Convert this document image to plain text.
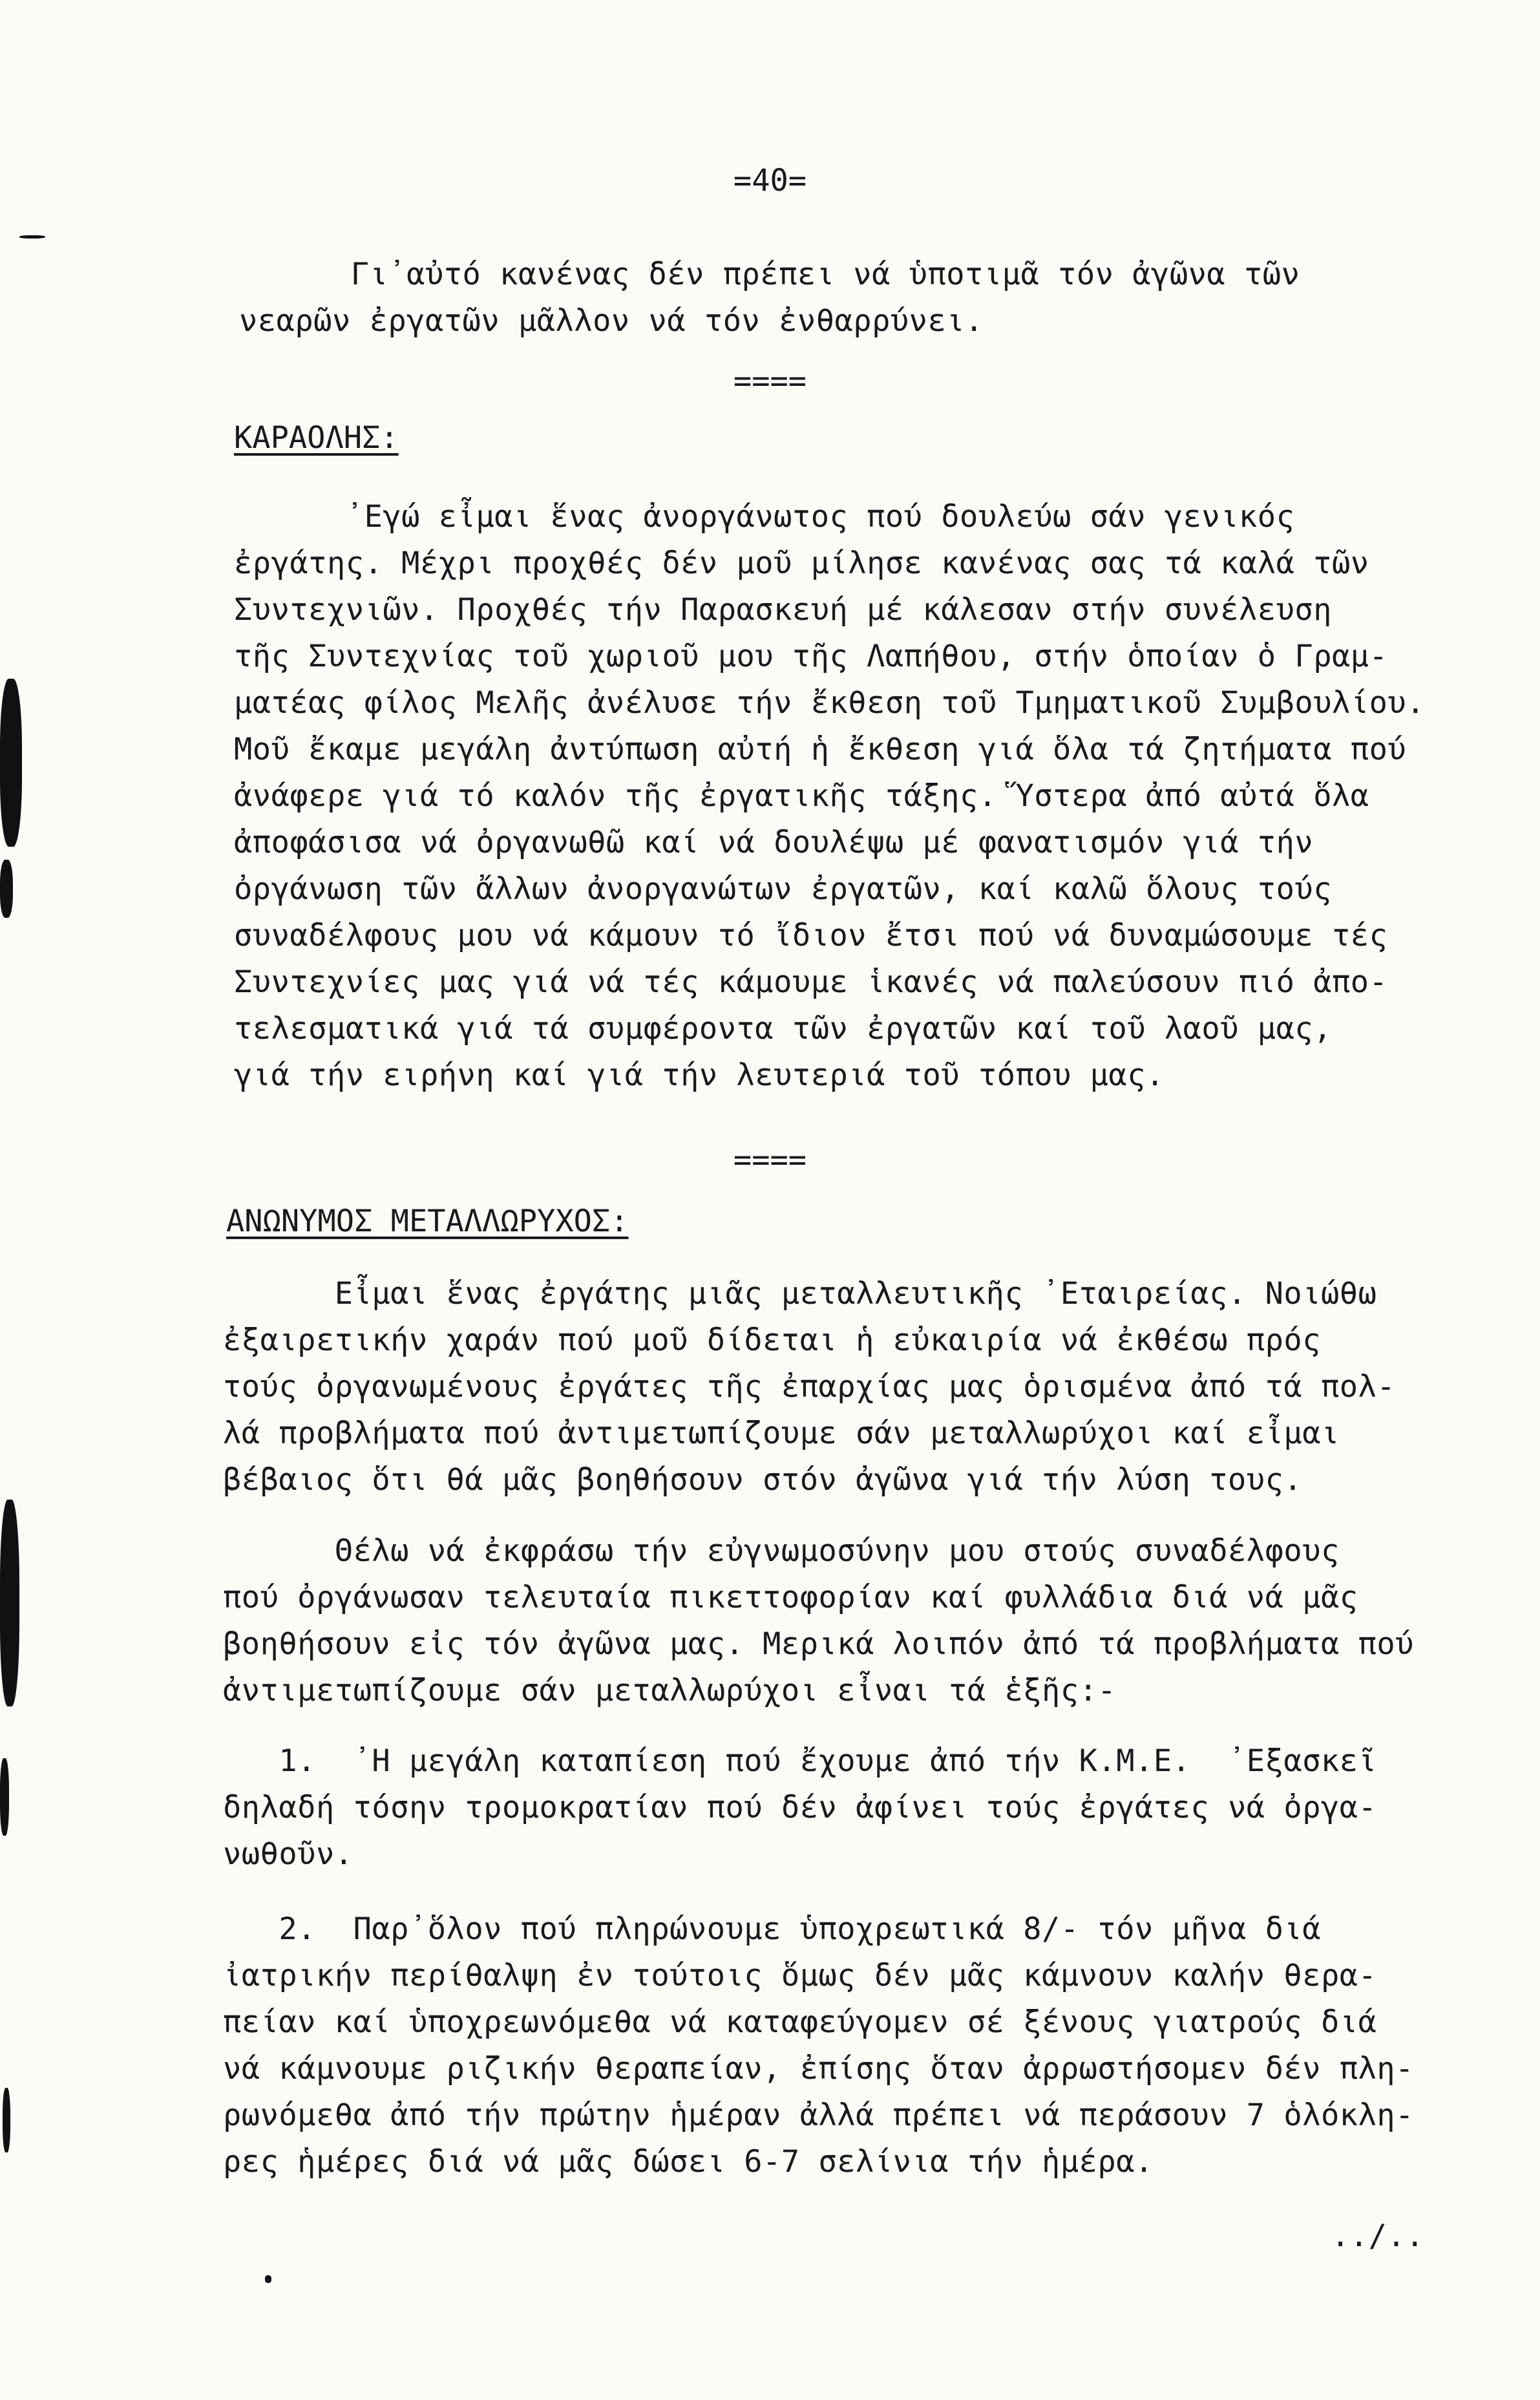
=40=
Γι᾿αὐτό κανένας δέν πρέπει νά ὑποτιμᾶ τόν ἀγῶνα τῶν
νεαρῶν ἐργατῶν μᾶλλον νά τόν ἐνθαρρύνει.
====
ΚΑΡΑΟΛΗΣ:
᾿Εγώ εἶμαι ἕνας ἀνοργάνωτος πού δουλεύω σάν γενικός
ἐργάτης. Μέχρι προχθές δέν μοῦ μίλησε κανένας σας τά καλά τῶν
Συντεχνιῶν. Προχθές τήν Παρασκευή μέ κάλεσαν στήν συνέλευση
τῆς Συντεχνίας τοῦ χωριοῦ μου τῆς Λαπήθου, στήν ὁποίαν ὁ Γραμ-
ματέας φίλος Μελῆς ἀνέλυσε τήν ἔκθεση τοῦ Τμηματικοῦ Συμβουλίου.
Μοῦ ἔκαμε μεγάλη ἀντύπωση αὐτή ἡ ἔκθεση γιά ὅλα τά ζητήματα πού
ἀνάφερε γιά τό καλόν τῆς ἐργατικῆς τάξης. Ὕστερα ἀπό αὐτά ὅλα
ἀποφάσισα νά ὀργανωθῶ καί νά δουλέψω μέ φανατισμόν γιά τήν
ὀργάνωση τῶν ἄλλων ἀνοργανώτων ἐργατῶν, καί καλῶ ὅλους τούς
συναδέλφους μου νά κάμουν τό ἴδιον ἔτσι πού νά δυναμώσουμε τές
Συντεχνίες μας γιά νά τές κάμουμε ἱκανές νά παλεύσουν πιό ἀπο-
τελεσματικά γιά τά συμφέροντα τῶν ἐργατῶν καί τοῦ λαοῦ μας,
γιά τήν ειρήνη καί γιά τήν λευτεριά τοῦ τόπου μας.
====
ΑΝΩΝΥΜΟΣ ΜΕΤΑΛΛΩΡΥΧΟΣ:
Εἶμαι ἕνας ἐργάτης μιᾶς μεταλλευτικῆς ᾿Εταιρείας. Νοιώθω
ἐξαιρετικήν χαράν πού μοῦ δίδεται ἡ εὐκαιρία νά ἐκθέσω πρός
τούς ὀργανωμένους ἐργάτες τῆς ἐπαρχίας μας ὁρισμένα ἀπό τά πολ-
λά προβλήματα πού ἀντιμετωπίζουμε σάν μεταλλωρύχοι καί εἶμαι
βέβαιος ὅτι θά μᾶς βοηθήσουν στόν ἀγῶνα γιά τήν λύση τους.
Θέλω νά ἐκφράσω τήν εὐγνωμοσύνην μου στούς συναδέλφους
πού ὀργάνωσαν τελευταία πικεττοφορίαν καί φυλλάδια διά νά μᾶς
βοηθήσουν εἰς τόν ἀγῶνα μας. Μερικά λοιπόν ἀπό τά προβλήματα πού
ἀντιμετωπίζουμε σάν μεταλλωρύχοι εἶναι τά ἑξῆς:-
1.  ᾿Η μεγάλη καταπίεση πού ἔχουμε ἀπό τήν Κ.Μ.Ε.  ᾿Εξασκεῖ
δηλαδή τόσην τρομοκρατίαν πού δέν ἀφίνει τούς ἐργάτες νά ὀργα-
νωθοῦν.
2.  Παρ᾿ὅλον πού πληρώνουμε ὑποχρεωτικά 8/- τόν μῆνα διά
ἰατρικήν περίθαλψη ἐν τούτοις ὅμως δέν μᾶς κάμνουν καλήν θερα-
πείαν καί ὑποχρεωνόμεθα νά καταφεύγομεν σέ ξένους γιατρούς διά
νά κάμνουμε ριζικήν θεραπείαν, ἐπίσης ὅταν ἀρρωστήσομεν δέν πλη-
ρωνόμεθα ἀπό τήν πρώτην ἡμέραν ἀλλά πρέπει νά περάσουν 7 ὁλόκλη-
ρες ἡμέρες διά νά μᾶς δώσει 6-7 σελίνια τήν ἡμέρα.
../..
